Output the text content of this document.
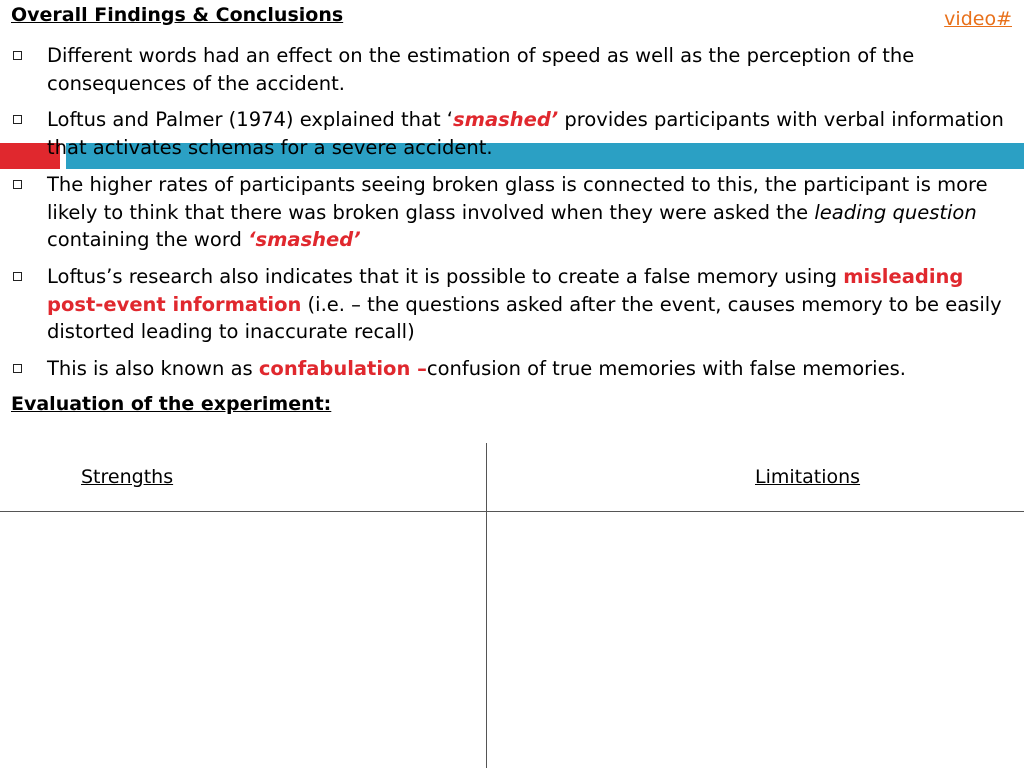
Overall Findings & Conclusions	video#
Different words had an effect on the estimation of speed as well as the perception of the consequences of the accident.
Loftus and Palmer (1974) explained that ‘smashed’ provides participants with verbal information that activates schemas for a severe accident.
The higher rates of participants seeing broken glass is connected to this, the participant is more likely to think that there was broken glass involved when they were asked the leading question containing the word ‘smashed’
Loftus’s research also indicates that it is possible to create a false memory using misleading post-event information (i.e. – the questions asked after the event, causes memory to be easily distorted leading to inaccurate recall)
This is also known as confabulation –confusion of true memories with false memories.
Evaluation of the experiment:
Strengths	Limitations
